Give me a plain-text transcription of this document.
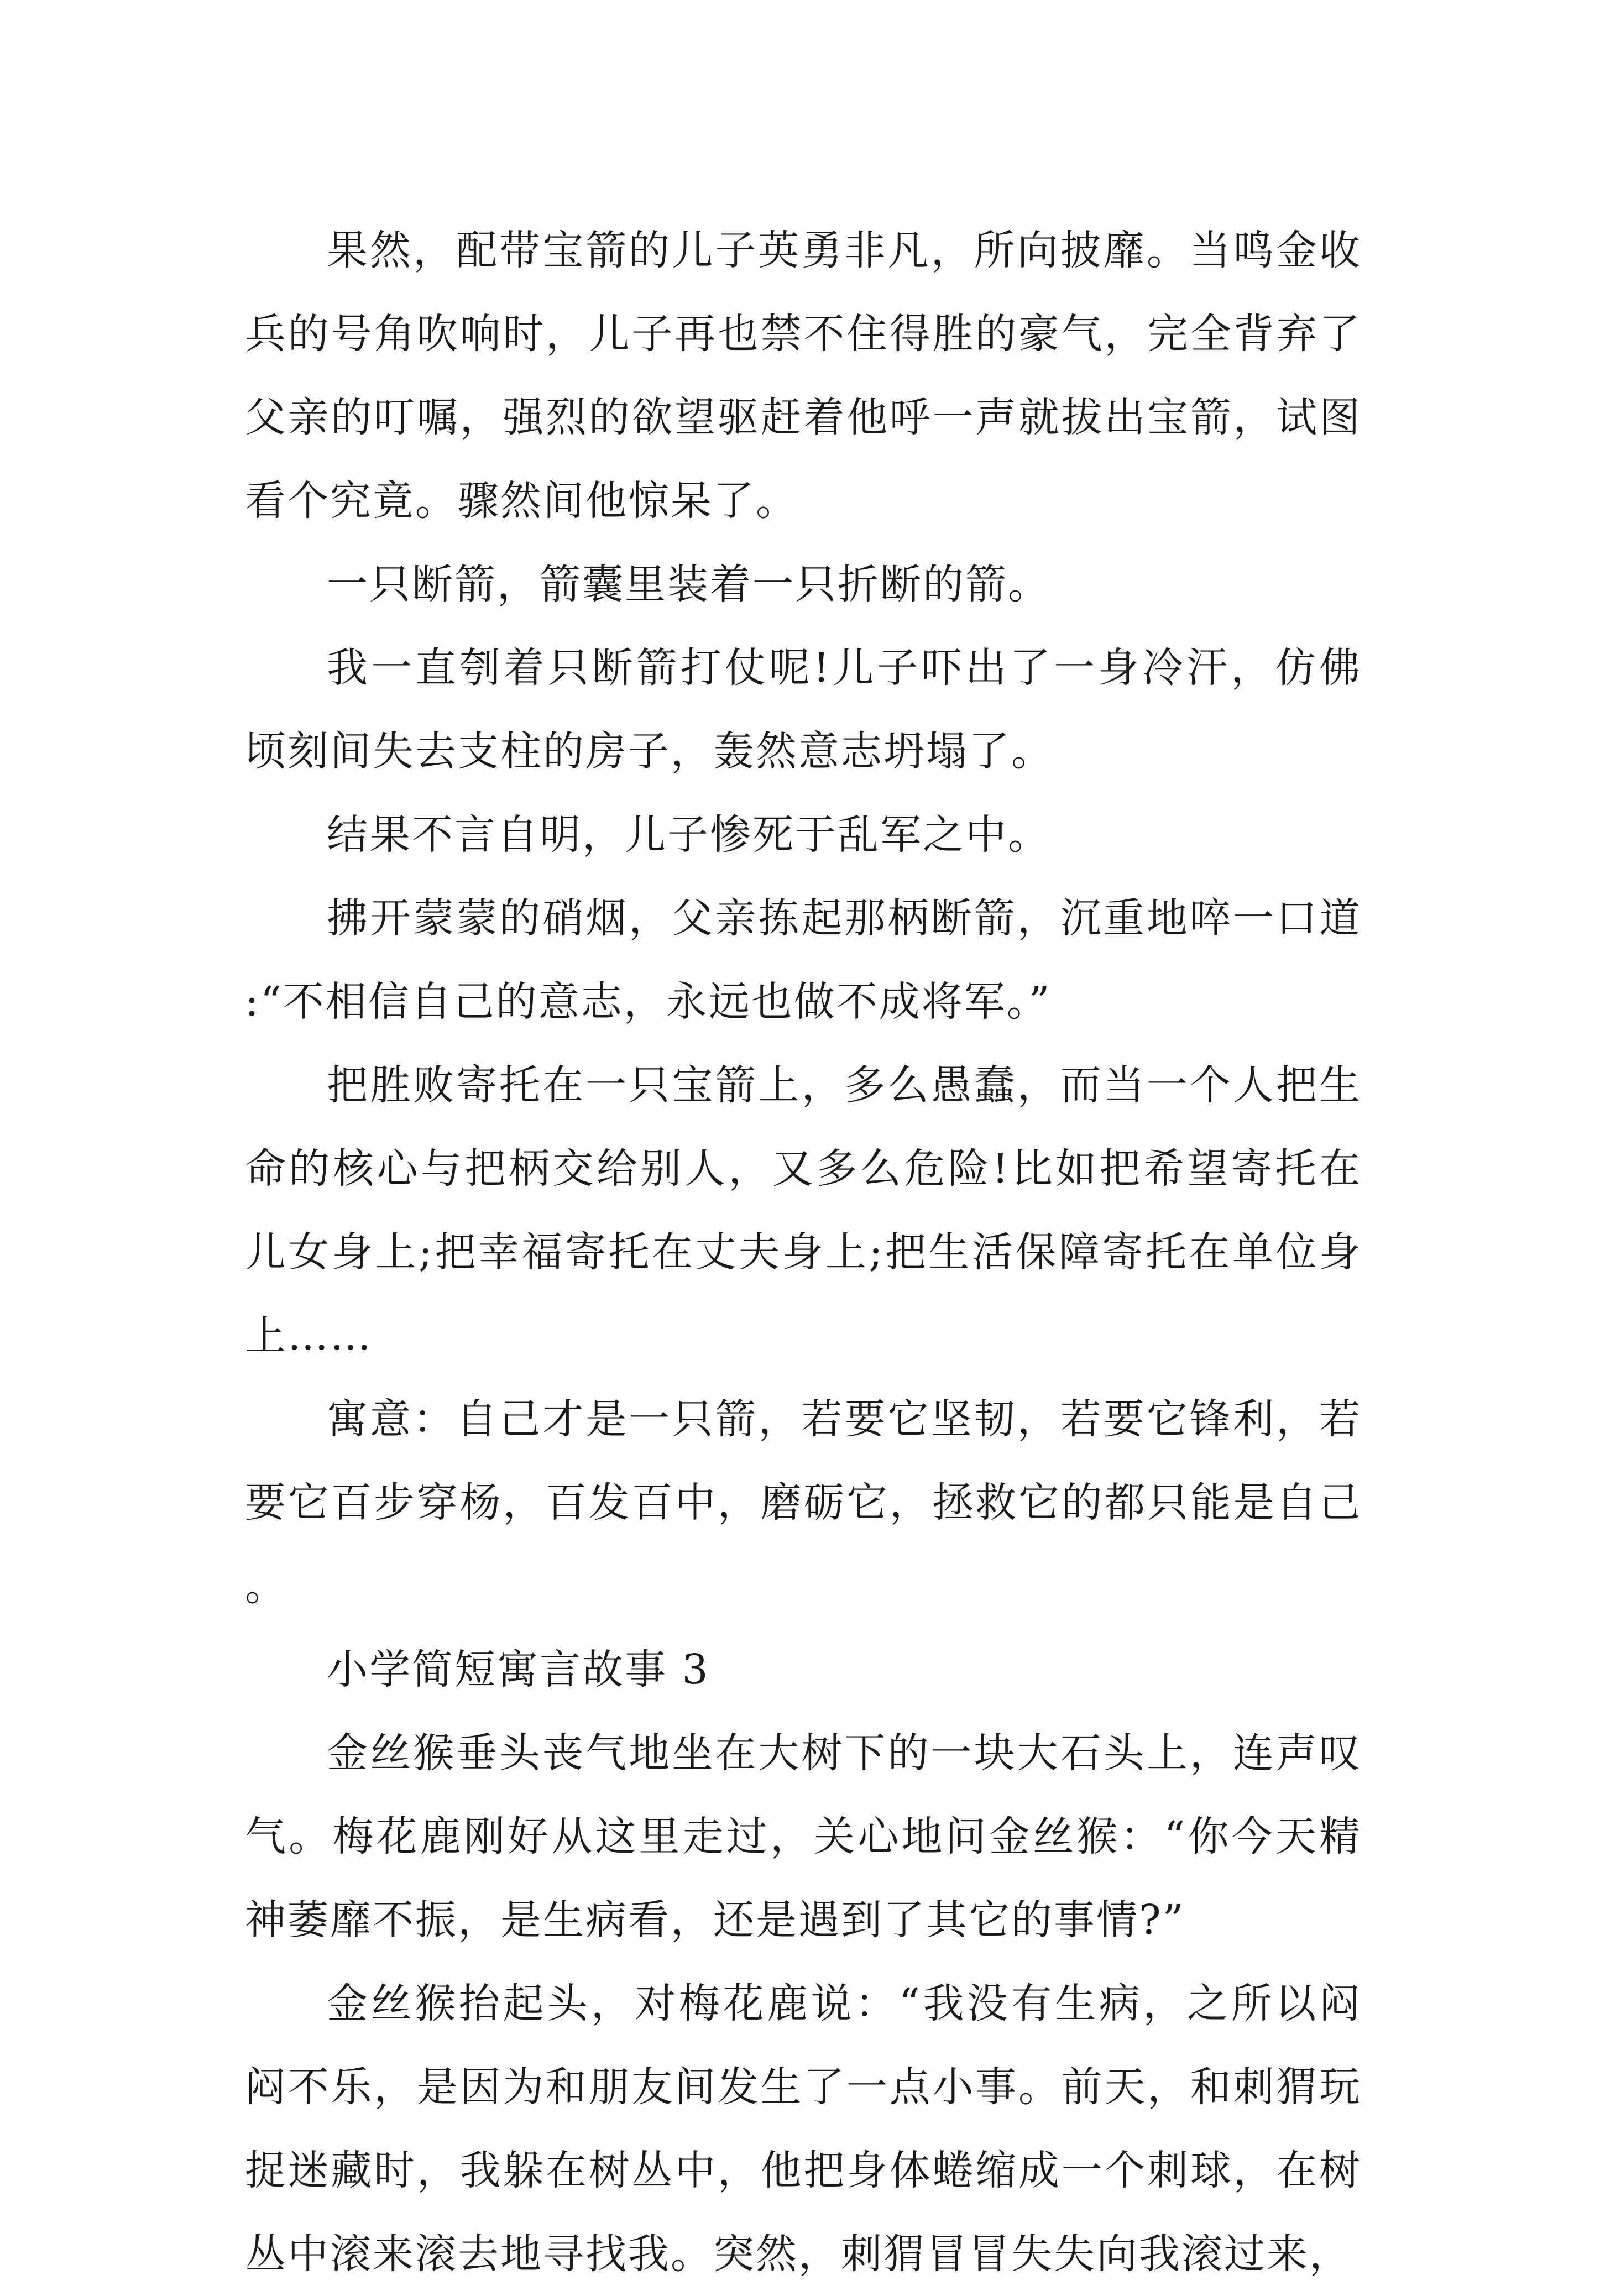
果然，配带宝箭的儿子英勇非凡，所向披靡。当鸣金收兵的号角吹响时，儿子再也禁不住得胜的豪气，完全背弃了父亲的叮嘱，强烈的欲望驱赶着他呼一声就拔出宝箭，试图看个究竟。骤然间他惊呆了。

一只断箭，箭囊里装着一只折断的箭。

我一直刳着只断箭打仗呢!儿子吓出了一身冷汗，仿佛顷刻间失去支柱的房子，轰然意志坍塌了。

结果不言自明，儿子惨死于乱军之中。

拂开蒙蒙的硝烟，父亲拣起那柄断箭，沉重地啐一口道:“不相信自己的意志，永远也做不成将军。”

把胜败寄托在一只宝箭上，多么愚蠢，而当一个人把生命的核心与把柄交给别人，又多么危险!比如把希望寄托在儿女身上;把幸福寄托在丈夫身上;把生活保障寄托在单位身上……

寓意：自己才是一只箭，若要它坚韧，若要它锋利，若要它百步穿杨，百发百中，磨砺它，拯救它的都只能是自己。

小学简短寓言故事 3

金丝猴垂头丧气地坐在大树下的一块大石头上，连声叹气。梅花鹿刚好从这里走过，关心地问金丝猴：“你今天精神萎靡不振，是生病看，还是遇到了其它的事情?”

金丝猴抬起头，对梅花鹿说：“我没有生病，之所以闷闷不乐，是因为和朋友间发生了一点小事。前天，和刺猬玩捉迷藏时，我躲在树丛中，他把身体蜷缩成一个刺球，在树丛中滚来滚去地寻找我。突然，刺猬冒冒失失向我滚过来，
